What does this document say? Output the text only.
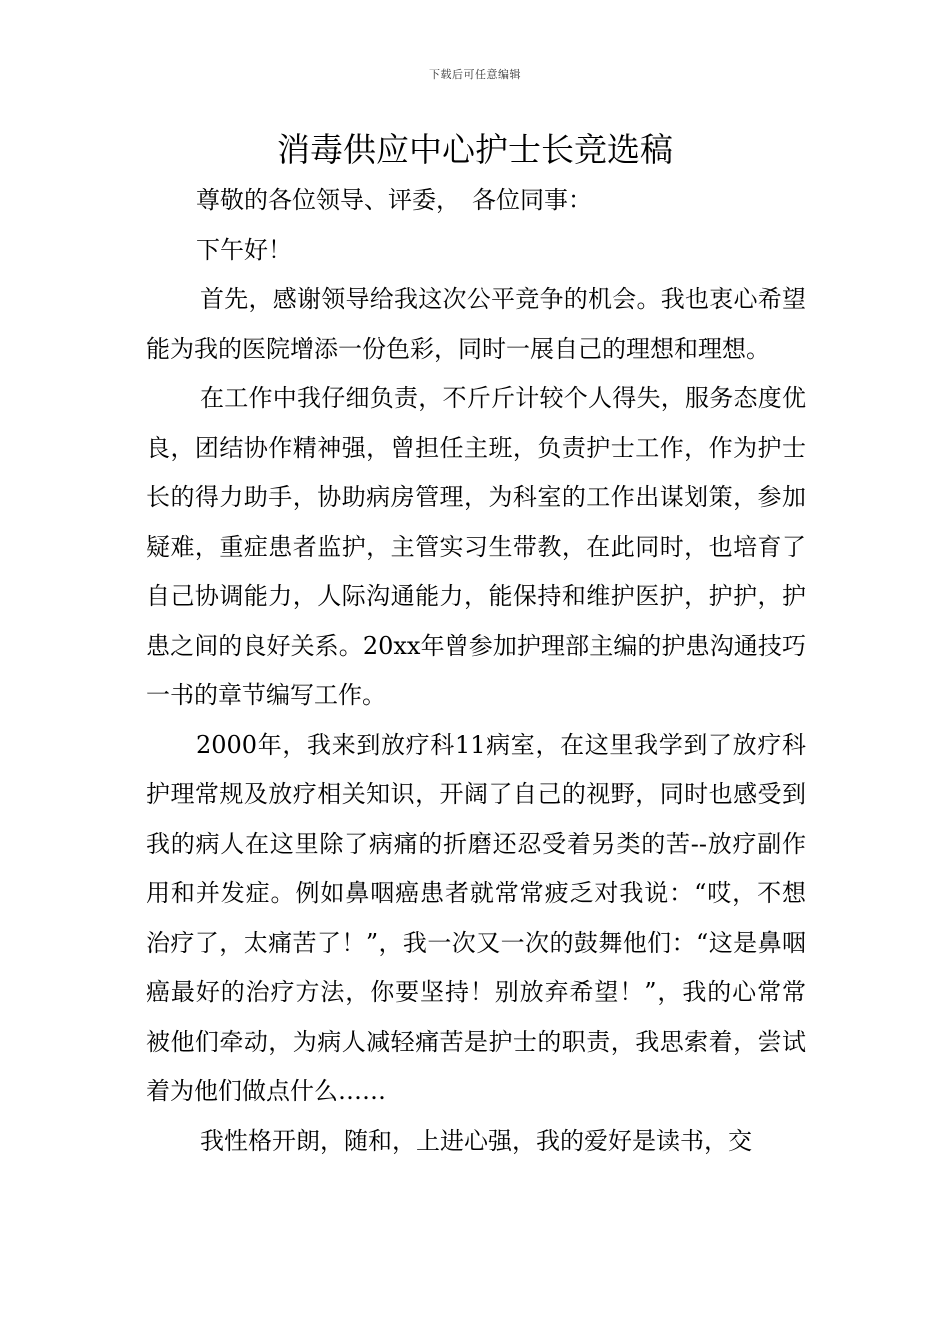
下载后可任意编辑
消毒供应中心护士长竞选稿

尊敬的各位领导、评委，　各位同事：

下午好！

首先，感谢领导给我这次公平竞争的机会。我也衷心希望能为我的医院增添一份色彩，同时一展自己的理想和理想。

在工作中我仔细负责，不斤斤计较个人得失，服务态度优良，团结协作精神强，曾担任主班，负责护士工作，作为护士长的得力助手，协助病房管理，为科室的工作出谋划策，参加疑难，重症患者监护，主管实习生带教，在此同时，也培育了自己协调能力，人际沟通能力，能保持和维护医护，护护，护患之间的良好关系。20xx年曾参加护理部主编的护患沟通技巧一书的章节编写工作。

2000年，我来到放疗科11病室，在这里我学到了放疗科护理常规及放疗相关知识，开阔了自己的视野，同时也感受到我的病人在这里除了病痛的折磨还忍受着另类的苦--放疗副作用和并发症。例如鼻咽癌患者就常常疲乏对我说：“哎，不想治疗了，太痛苦了！”，我一次又一次的鼓舞他们：“这是鼻咽癌最好的治疗方法，你要坚持！别放弃希望！”，我的心常常被他们牵动，为病人减轻痛苦是护士的职责，我思索着，尝试着为他们做点什么……

我性格开朗，随和，上进心强，我的爱好是读书，交
